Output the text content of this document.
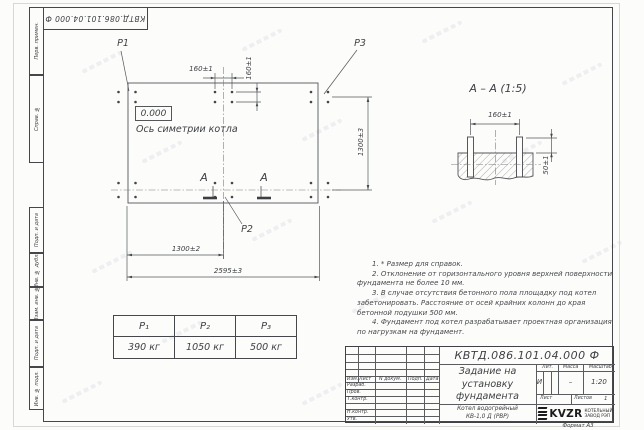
Перв. примен.
Справ. №
Подп. и дата
Инв. № дубл.
Взам. инв. №
Подп. и дата
Инв. № подл.
КВТД.086.101.04.000 Ф
P1	P3
P2
0.000
Ось симетрии котла
160±1	160±1
1300±3
1300±2
2595±3
А	А
А – А (1:5)
160±1
50±1

1. * Размер для справок.

2. Отклонение от горизонтального уровня верхней поверхности фундамента не более 10 мм.

3. В случае отсутствия бетонного пола площадку под котел забетонировать. Расстояние от осей крайних колонн до края бетонной подушки 500 мм.

4. Фундамент под котел разрабатывает проектная организация по нагрузкам на фундамент.

P₁	P₂	P₃
390 кг	1050 кг	500 кг
Изм. Лист N докум. Подп. Дата
Разраб.
Пров.
Т.контр.
Н.контр.
Утв.
КВТД.086.101.04.000 Ф
Задание на
установку
фундамента
Котел водогрейный
КВ-1,0 Д (РВР)
Лит. Масса Масштаб
И	–	1:20
Лист	Листов 1
KVZR КОТЕЛЬНЫЙ
ЗАВОД РЭП
Формат А3
